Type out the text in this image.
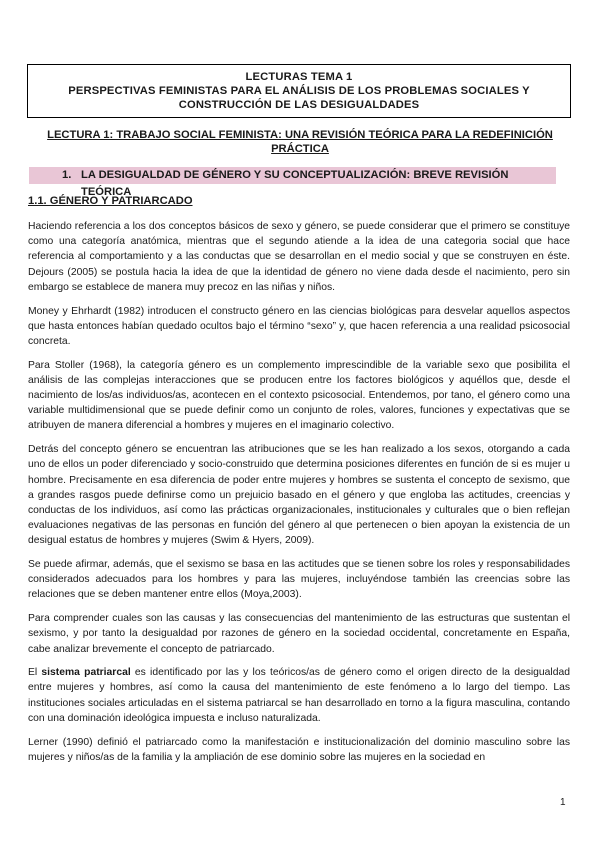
LECTURAS TEMA 1
PERSPECTIVAS FEMINISTAS PARA EL ANÁLISIS DE LOS PROBLEMAS SOCIALES Y
CONSTRUCCIÓN DE LAS DESIGUALDADES
LECTURA 1: TRABAJO SOCIAL FEMINISTA: UNA REVISIÓN TEÓRICA PARA LA REDEFINICIÓN
PRÁCTICA
1. LA DESIGUALDAD DE GÉNERO Y SU CONCEPTUALIZACIÓN: BREVE REVISIÓN TEÓRICA
1.1. GÉNERO Y PATRIARCADO

Haciendo referencia a los dos conceptos básicos de sexo y género, se puede considerar que el primero se constituye como una categoría anatómica, mientras que el segundo atiende a la idea de una categoria social que hace referencia al comportamiento y a las conductas que se desarrollan en el medio social y que se construyen en éste. Dejours (2005) se postula hacia la idea de que la identidad de género no viene dada desde el nacimiento, pero sin embargo se establece de manera muy precoz en las niñas y niños.

Money y Ehrhardt (1982) introducen el constructo género en las ciencias biológicas para desvelar aquellos aspectos que hasta entonces habían quedado ocultos bajo el término “sexo” y, que hacen referencia a una realidad psicosocial concreta.

Para Stoller (1968), la categoría género es un complemento imprescindible de la variable sexo que posibilita el análisis de las complejas interacciones que se producen entre los factores biológicos y aquéllos que, desde el nacimiento de los/as individuos/as, acontecen en el contexto psicosocial. Entendemos, por tano, el género como una variable multidimensional que se puede definir como un conjunto de roles, valores, funciones y expectativas que se atribuyen de manera diferencial a hombres y mujeres en el imaginario colectivo.

Detrás del concepto género se encuentran las atribuciones que se les han realizado a los sexos, otorgando a cada uno de ellos un poder diferenciado y socio-construido que determina posiciones diferentes en función de si es mujer u hombre. Precisamente en esa diferencia de poder entre mujeres y hombres se sustenta el concepto de sexismo, que a grandes rasgos puede definirse como un prejuicio basado en el género y que engloba las actitudes, creencias y conductas de los individuos, así como las prácticas organizacionales, institucionales y culturales que o bien reflejan evaluaciones negativas de las personas en función del género al que pertenecen o bien apoyan la existencia de un desigual estatus de hombres y mujeres (Swim & Hyers, 2009).

Se puede afirmar, además, que el sexismo se basa en las actitudes que se tienen sobre los roles y responsabilidades considerados adecuados para los hombres y para las mujeres, incluyéndose también las creencias sobre las relaciones que se deben mantener entre ellos (Moya,2003).

Para comprender cuales son las causas y las consecuencias del mantenimiento de las estructuras que sustentan el sexismo, y por tanto la desigualdad por razones de género en la sociedad occidental, concretamente en España, cabe analizar brevemente el concepto de patriarcado.

El sistema patriarcal es identificado por las y los teóricos/as de género como el origen directo de la desigualdad entre mujeres y hombres, así como la causa del mantenimiento de este fenómeno a lo largo del tiempo. Las instituciones sociales articuladas en el sistema patriarcal se han desarrollado en torno a la figura masculina, contando con una dominación ideológica impuesta e incluso naturalizada.

Lerner (1990) definió el patriarcado como la manifestación e institucionalización del dominio masculino sobre las mujeres y niños/as de la familia y la ampliación de ese dominio sobre las mujeres en la sociedad en

1
